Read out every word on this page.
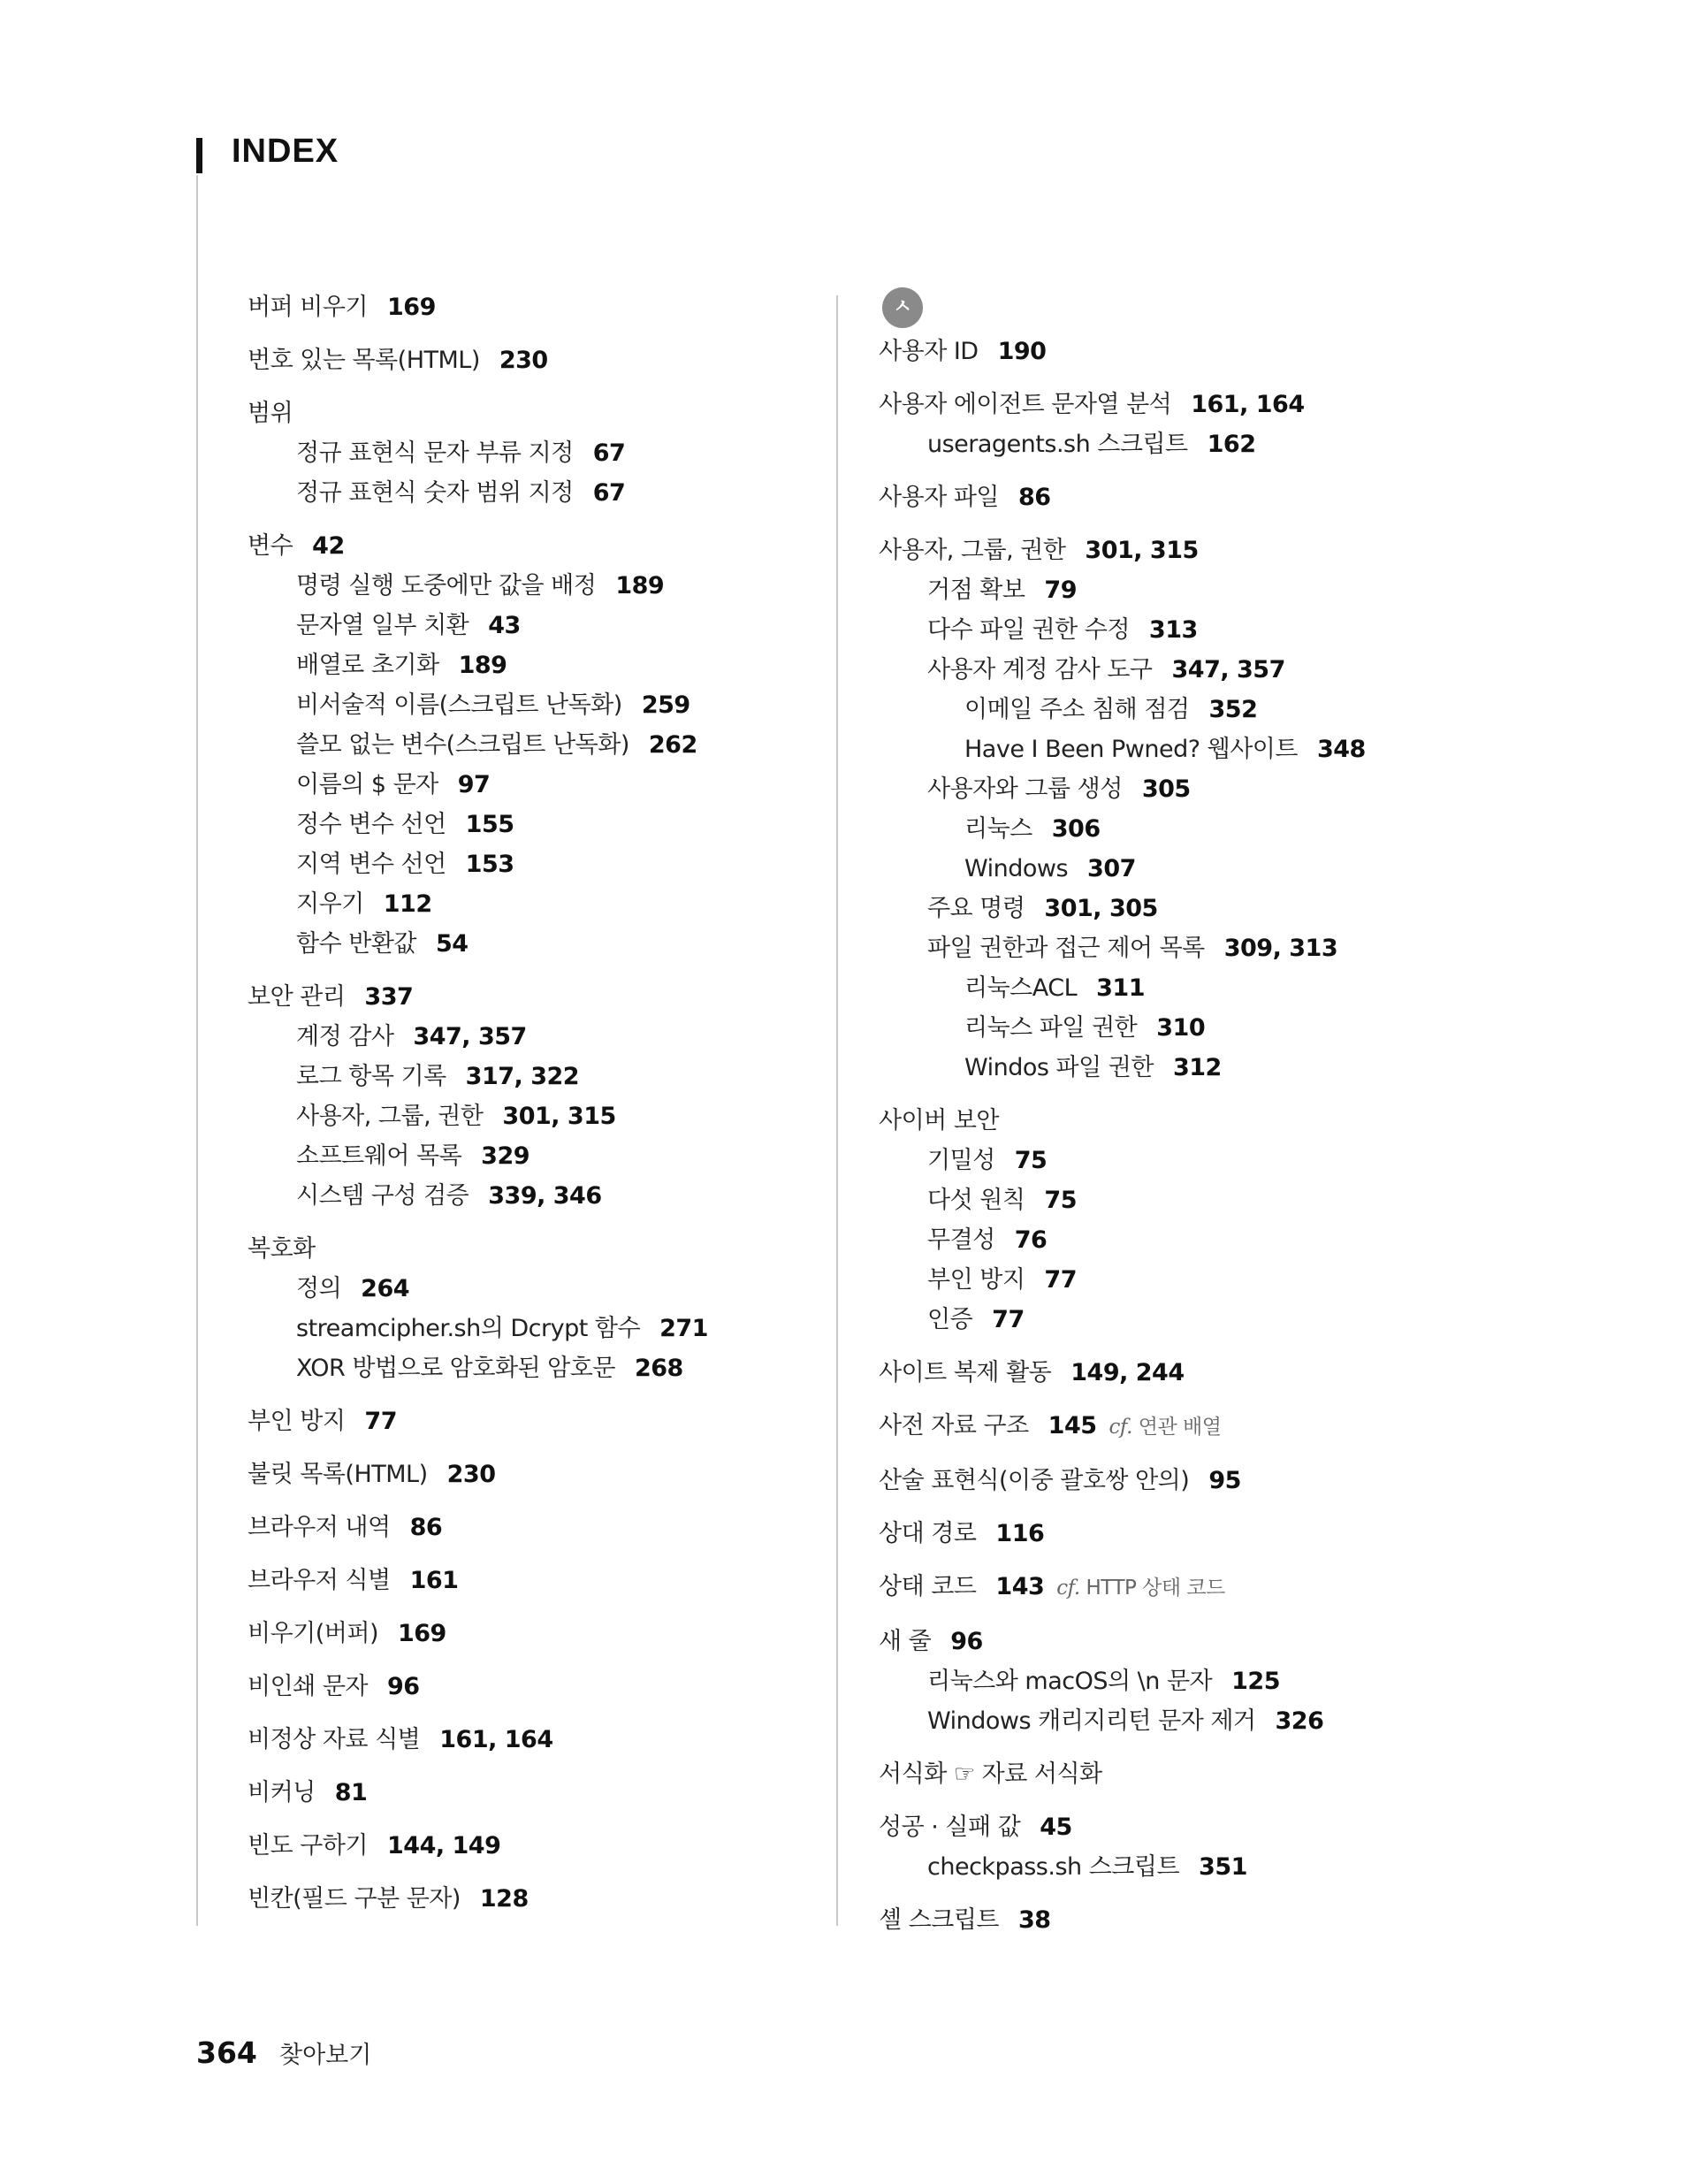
INDEX
버퍼 비우기 169
번호 있는 목록(HTML) 230
범위
정규 표현식 문자 부류 지정 67
정규 표현식 숫자 범위 지정 67
변수 42
명령 실행 도중에만 값을 배정 189
문자열 일부 치환 43
배열로 초기화 189
비서술적 이름(스크립트 난독화) 259
쓸모 없는 변수(스크립트 난독화) 262
이름의 $ 문자 97
정수 변수 선언 155
지역 변수 선언 153
지우기 112
함수 반환값 54
보안 관리 337
계정 감사 347, 357
로그 항목 기록 317, 322
사용자, 그룹, 권한 301, 315
소프트웨어 목록 329
시스템 구성 검증 339, 346
복호화
정의 264
streamcipher.sh의 Dcrypt 함수 271
XOR 방법으로 암호화된 암호문 268
부인 방지 77
불릿 목록(HTML) 230
브라우저 내역 86
브라우저 식별 161
비우기(버퍼) 169
비인쇄 문자 96
비정상 자료 식별 161, 164
비커닝 81
빈도 구하기 144, 149
빈칸(필드 구분 문자) 128
ㅅ
사용자 ID 190
사용자 에이전트 문자열 분석 161, 164
useragents.sh 스크립트 162
사용자 파일 86
사용자, 그룹, 권한 301, 315
거점 확보 79
다수 파일 권한 수정 313
사용자 계정 감사 도구 347, 357
이메일 주소 침해 점검 352
Have I Been Pwned? 웹사이트 348
사용자와 그룹 생성 305
리눅스 306
Windows 307
주요 명령 301, 305
파일 권한과 접근 제어 목록 309, 313
리눅스ACL 311
리눅스 파일 권한 310
Windos 파일 권한 312
사이버 보안
기밀성 75
다섯 원칙 75
무결성 76
부인 방지 77
인증 77
사이트 복제 활동 149, 244
사전 자료 구조 145 cf. 연관 배열
산술 표현식(이중 괄호쌍 안의) 95
상대 경로 116
상태 코드 143 cf. HTTP 상태 코드
새 줄 96
리눅스와 macOS의 \n 문자 125
Windows 캐리지리턴 문자 제거 326
서식화 ☞ 자료 서식화
성공 · 실패 값 45
checkpass.sh 스크립트 351
셸 스크립트 38
364 찾아보기
